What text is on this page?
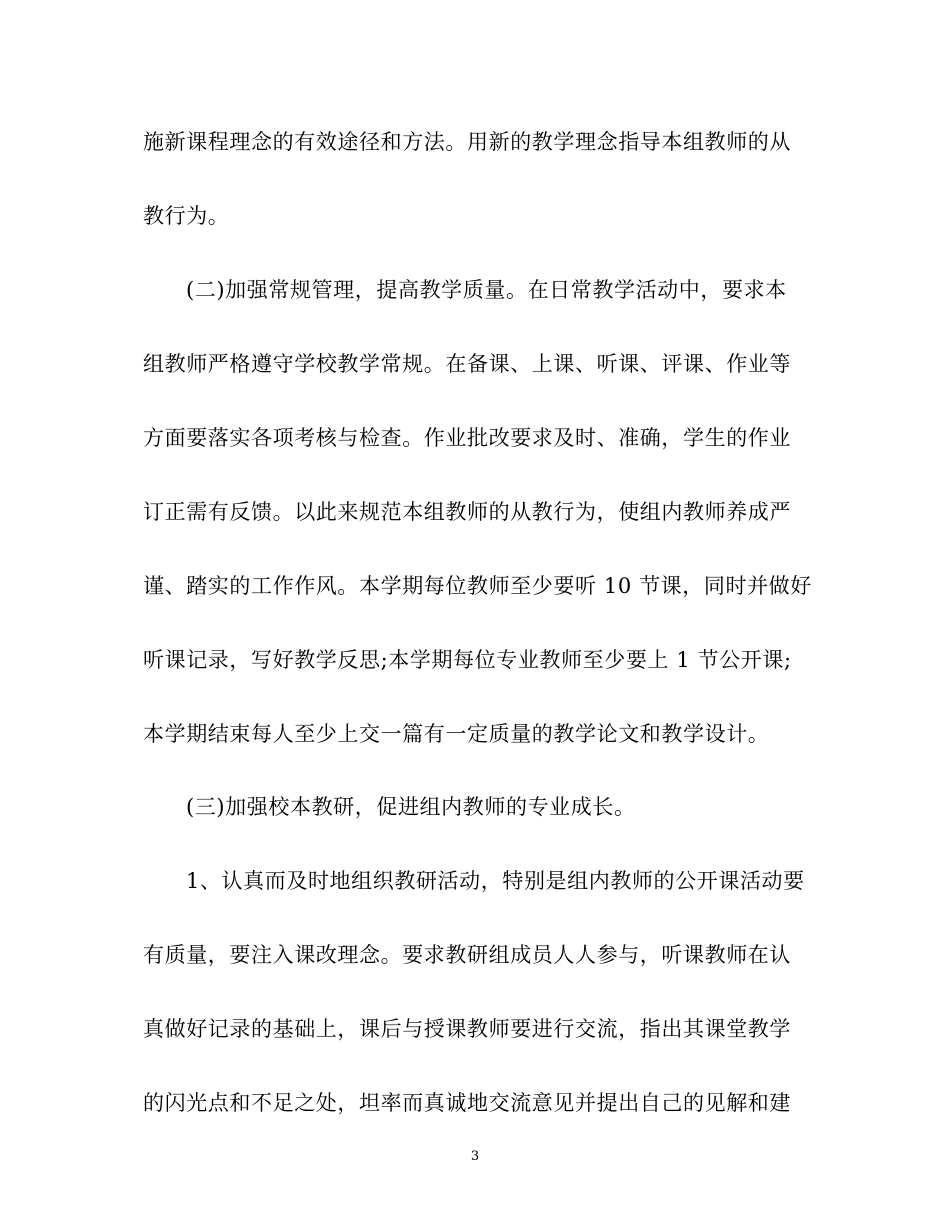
施新课程理念的有效途径和方法。用新的教学理念指导本组教师的从
教行为。
(二)加强常规管理，提高教学质量。在日常教学活动中，要求本
组教师严格遵守学校教学常规。在备课、上课、听课、评课、作业等
方面要落实各项考核与检查。作业批改要求及时、准确，学生的作业
订正需有反馈。以此来规范本组教师的从教行为，使组内教师养成严
谨、踏实的工作作风。本学期每位教师至少要听 10 节课，同时并做好
听课记录，写好教学反思;本学期每位专业教师至少要上 1 节公开课;
本学期结束每人至少上交一篇有一定质量的教学论文和教学设计。
(三)加强校本教研，促进组内教师的专业成长。
1、认真而及时地组织教研活动，特别是组内教师的公开课活动要
有质量，要注入课改理念。要求教研组成员人人参与，听课教师在认
真做好记录的基础上，课后与授课教师要进行交流，指出其课堂教学
的闪光点和不足之处，坦率而真诚地交流意见并提出自己的见解和建
3
